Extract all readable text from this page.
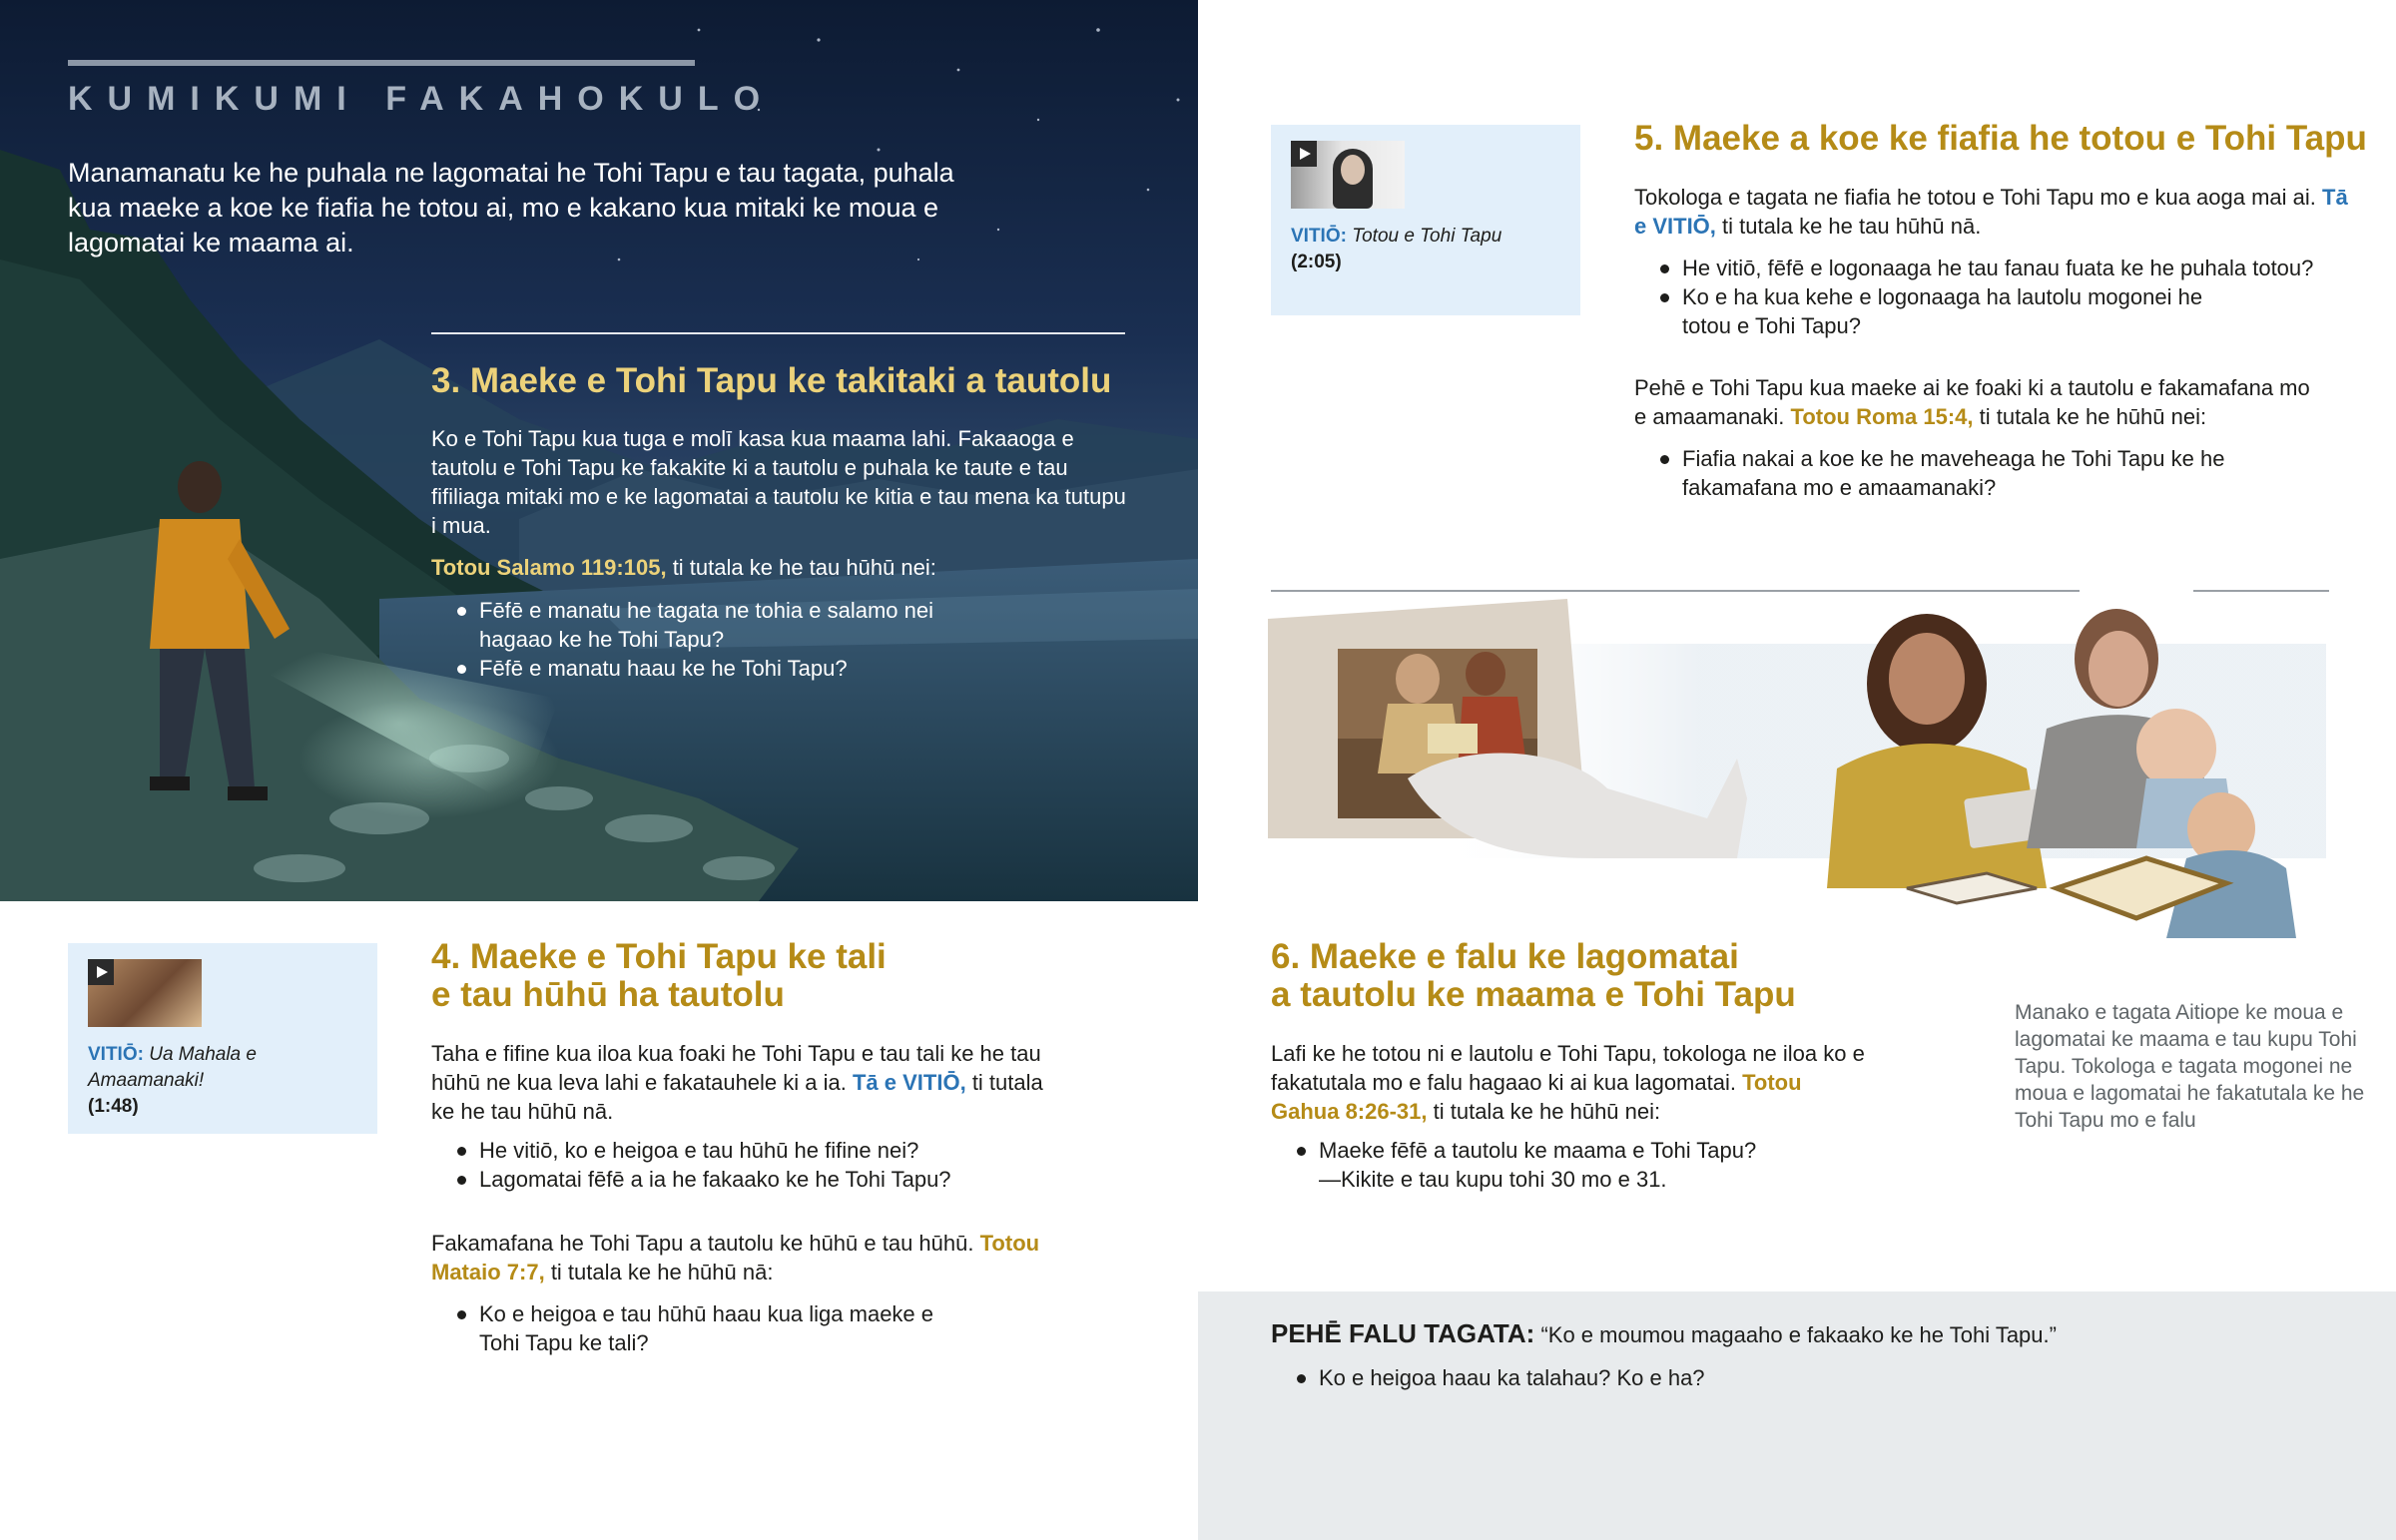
KUMIKUMI FAKAHOKULO
Manamanatu ke he puhala ne lagomatai he Tohi Tapu e tau tagata, puhala kua maeke a koe ke fiafia he totou ai, mo e kakano kua mitaki ke moua e lagomatai ke maama ai.
3. Maeke e Tohi Tapu ke takitaki a tautolu
Ko e Tohi Tapu kua tuga e molī kasa kua maama lahi. Fakaaoga e tautolu e Tohi Tapu ke fakakite ki a tautolu e puhala ke taute e tau fifiliaga mitaki mo e ke lagomatai a tautolu ke kitia e tau mena ka tutupu i mua.
Totou Salamo 119:105, ti tutala ke he tau hūhū nei:
Fēfē e manatu he tagata ne tohia e salamo nei hagaao ke he Tohi Tapu?
Fēfē e manatu haau ke he Tohi Tapu?
VITIŌ: Ua Mahala e Amaamanaki!
(1:48)
4. Maeke e Tohi Tapu ke tali
e tau hūhū ha tautolu
Taha e fifine kua iloa kua foaki he Tohi Tapu e tau tali ke he tau hūhū ne kua leva lahi e fakatauhele ki a ia. Tā e VITIŌ, ti tutala ke he tau hūhū nā.
He vitiō, ko e heigoa e tau hūhū he fifine nei?
Lagomatai fēfē a ia he fakaako ke he Tohi Tapu?
Fakamafana he Tohi Tapu a tautolu ke hūhū e tau hūhū. Totou Mataio 7:7, ti tutala ke he hūhū nā:
Ko e heigoa e tau hūhū haau kua liga maeke e Tohi Tapu ke tali?
VITIŌ: Totou e Tohi Tapu
(2:05)
5. Maeke a koe ke fiafia he totou e Tohi Tapu
Tokologa e tagata ne fiafia he totou e Tohi Tapu mo e kua aoga mai ai. Tā e VITIŌ, ti tutala ke he tau hūhū nā.
He vitiō, fēfē e logonaaga he tau fanau fuata ke he puhala totou?
Ko e ha kua kehe e logonaaga ha lautolu mogonei he totou e Tohi Tapu?
Pehē e Tohi Tapu kua maeke ai ke foaki ki a tautolu e fakamafana mo e amaamanaki. Totou Roma 15:4, ti tutala ke he hūhū nei:
Fiafia nakai a koe ke he maveheaga he Tohi Tapu ke he fakamafana mo e amaamanaki?
6. Maeke e falu ke lagomatai
a tautolu ke maama e Tohi Tapu
Lafi ke he totou ni e lautolu e Tohi Tapu, tokologa ne iloa ko e fakatutala mo e falu hagaao ki ai kua lagomatai. Totou Gahua 8:26-31, ti tutala ke he hūhū nei:
Maeke fēfē a tautolu ke maama e Tohi Tapu? —Kikite e tau kupu tohi 30 mo e 31.
Manako e tagata Aitiope ke moua e lagomatai ke maama e tau kupu Tohi Tapu. Tokologa e tagata mogonei ne moua e lagomatai he fakatutala ke he Tohi Tapu mo e falu
PEHĒ FALU TAGATA: “Ko e moumou magaaho e fakaako ke he Tohi Tapu.”
Ko e heigoa haau ka talahau? Ko e ha?
